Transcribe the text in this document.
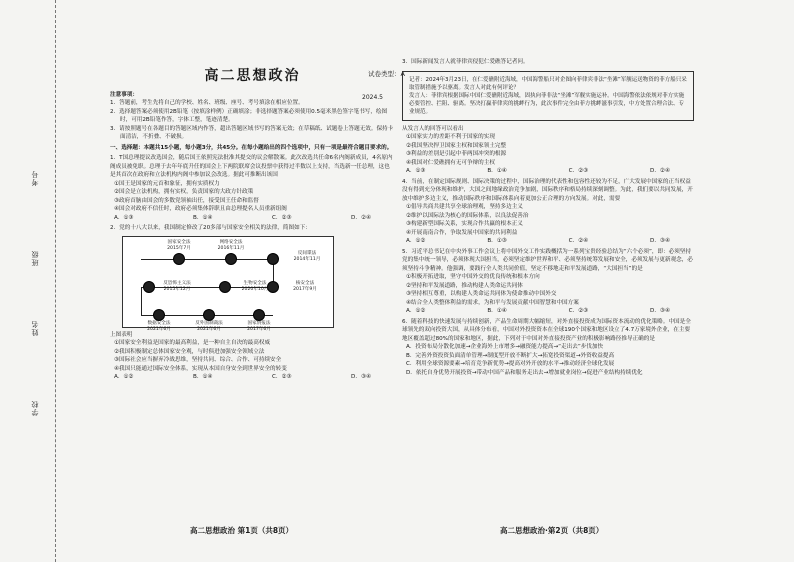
考号
班级
姓名
学校
试卷类型：A
高二思想政治
2024.5

注意事项：

1．答题前，考生先将自己的学校、姓名、班级、座号、考号填涂在相应位置。

2．选择题答案必须使用2B铅笔（按填涂样例）正确填涂；非选择题答案必须使用0.5毫米黑色签字笔书写，绘图时，可用2B铅笔作答，字体工整，笔迹清楚。

3．请按照题号在各题目的答题区域内作答，超出答题区域书写的答案无效；在草稿纸、试题卷上答题无效。保持卡面清洁，不折叠、不破损。

一、选择题：本题共15小题，每小题3分，共45分。在每小题给出的四个选项中，只有一项是最符合题目要求的。

1．T国总理提议改选国会，随后国王依照宪法批准其提交的议会解散案。此次改选共任命6名内阁新成员，4名原内阁成员被免职。总理于去年年底升任的国会上下两院联席会议投票中获得过半数以上支持，当选新一任总理，这也是其首次在政府和立法机构内阁中参加议会改选。据此可推断出该国

①国王是国家的元首和象征，拥有实质权力

②国会是立法机构，拥有实权，负责国家的大政方针政策

③政府首脑由国会的多数党领袖出任，接受国王任命和监督

④国会对政府不信任时，政府必须集体辞职且由总理提名人员重新组阁

A．①③	B．①④	C．②③	D．②④

2．党的十八大以来，我国制定修改了20多部与国家安全相关的法律，简图如下：

国家安全法
2015年7月
网络安全法
2016年11月
反间谍法
2014年11月
反恐怖主义法
2015年12月
生物安全法
2020年10月
核安全法
2017年9月
数据安全法
2021年6月
反外国制裁法
2021年6月
国家情报法
2017年6月

上图表明

①国家安全利益是国家的最高利益，是一种自主自决的最高权威

②我国积极制定总体国家安全观，与时俱进加强安全领域立法

③国际社会应当摒弃冷战思维，坚持共同、综合、合作、可持续安全

④我国只能通过国际安全体系，实现从本国自身安全到世界安全的转变

A．①②	B．①④	C．②③	D．③④
高二思想政治 第1页（共8页）

3．国际新闻发言人就菲律宾侵犯仁爱礁答记者问。

记者：2024年3月23日，在仁爱礁附近海域，中国海警船只对企图向菲律宾非法“坐滩”军舰运送物资的菲方船只采取管制措施予以驱离。发言人对此有何评论？
发言人：菲律宾根据国际中国仁爱礁附近海域，固执向菲非法“坐滩”军舰实施运补。中国海警依法依规对菲方实施必要管控、拦阻、驱离。坚决打赢菲律宾的挑衅行为，此次事件完全由菲方挑衅滋事引发，中方处置合理合法、专业规范。

从发言人的回答可以看出

①国家实力的差距不利于国家的实现

②我国坚决捍卫国家主权和国家领土完整

③利益的差别是引起中菲两国冲突的根源

④我国对仁爱礁拥有无可争辩的主权

A．①③	B．①④	C．②③	D．②④

4．当前，在制定国际规则、国际决策的过程中，国际治理的代表性和包容性还较为不足，广大发展中国家的正当权益没有得到充分体现和维护，大国之间地缘政治竞争加剧，国际秩序和格局持续深刻调整。为此，我们要以共同发展，开放中维护多边主义，推动国际秩序和国际体系向着更加公正合理的方向发展。对此，需要

①倡导共商共建共享全球治理观，坚持多边主义

②维护以国际法为核心的国际体系，以良法促善治

③构建新型国际关系，实现合作共赢的根本正义

④开展南南合作，争取发展中国家的共同利益

A．①②	B．①③	C．②④	D．③④

5．习近平总书记在中央外事工作会议上将中国外交工作实践概括为一系列宝贵经验总结为“六个必须”，即：必须坚持党的集中统一领导，必须体现大国担当，必须坚定维护世界和平、必须坚持统筹发展和安全，必须发展与更新观念，必须坚持斗争精神。他强调，要践行全人类共同价值，坚定不移地走和平发展道路，“大国担当”的是

①积极开拓进取，坚守中国外交的优良传统和根本方向

②坚持和平发展道路，推动构建人类命运共同体

③坚持相互尊重，以构建人类命运共同体为使命推动中国外交

④结合全人类整体利益的需求，为和平与发展贡献中国智慧和中国方案

A．①②	B．①④	C．②③	D．③④

6．随着科技的快速发展与持续创新，产品生命周期大幅缩短，对外直接投资成为国际资本流动的优化策略。中国是全球领先的双向投资大国，从具体分布看，中国对外投资资本在全球190个国家和地区设立了4.7万家境外企业，在主要地区覆盖超过80%的国家和地区，据此，下列对于中国对外直接投资产业的积极影响路径推导正确的是

A．投资布局分散化加速→企业海外上市增多→融资能力提高→“走出去”步伐加快

B．完善外资投资负面清单管理→制度型开放不断扩大→拓宽投资渠道→外资收益提高

C．利用全球资源要素→培育竞争新优势→提高对外开放的水平→推动经济全球化发展

D．依托自身优势开展投资→带动中国产品和服务走出去→增加就业岗位→促进产业结构持续优化

高二思想政治·第2页（共8页）
